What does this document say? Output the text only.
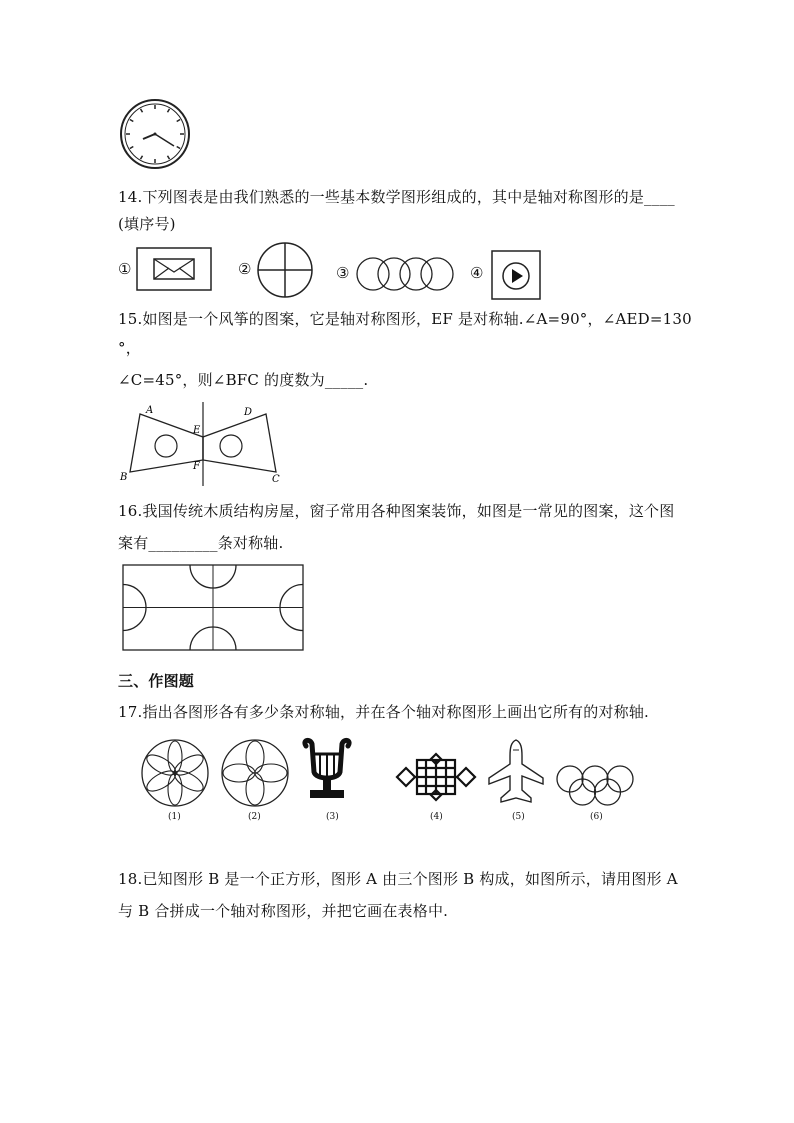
14.下列图表是由我们熟悉的一些基本数学图形组成的，其中是轴对称图形的是____
(填序号)
①	②	③	④
15.如图是一个风筝的图案，它是轴对称图形，EF 是对称轴.∠A=90°，∠AED=130
°，
∠C=45°，则∠BFC 的度数为_____.
A	D
E
F
B	C
16.我国传统木质结构房屋，窗子常用各种图案装饰，如图是一常见的图案，这个图
案有_________条对称轴.
三、作图题
17.指出各图形各有多少条对称轴，并在各个轴对称图形上画出它所有的对称轴.
(1)	(2)	(3)	(4)	(5)	(6)
18.已知图形 B 是一个正方形，图形 A 由三个图形 B 构成，如图所示，请用图形 A
与 B 合拼成一个轴对称图形，并把它画在表格中.
